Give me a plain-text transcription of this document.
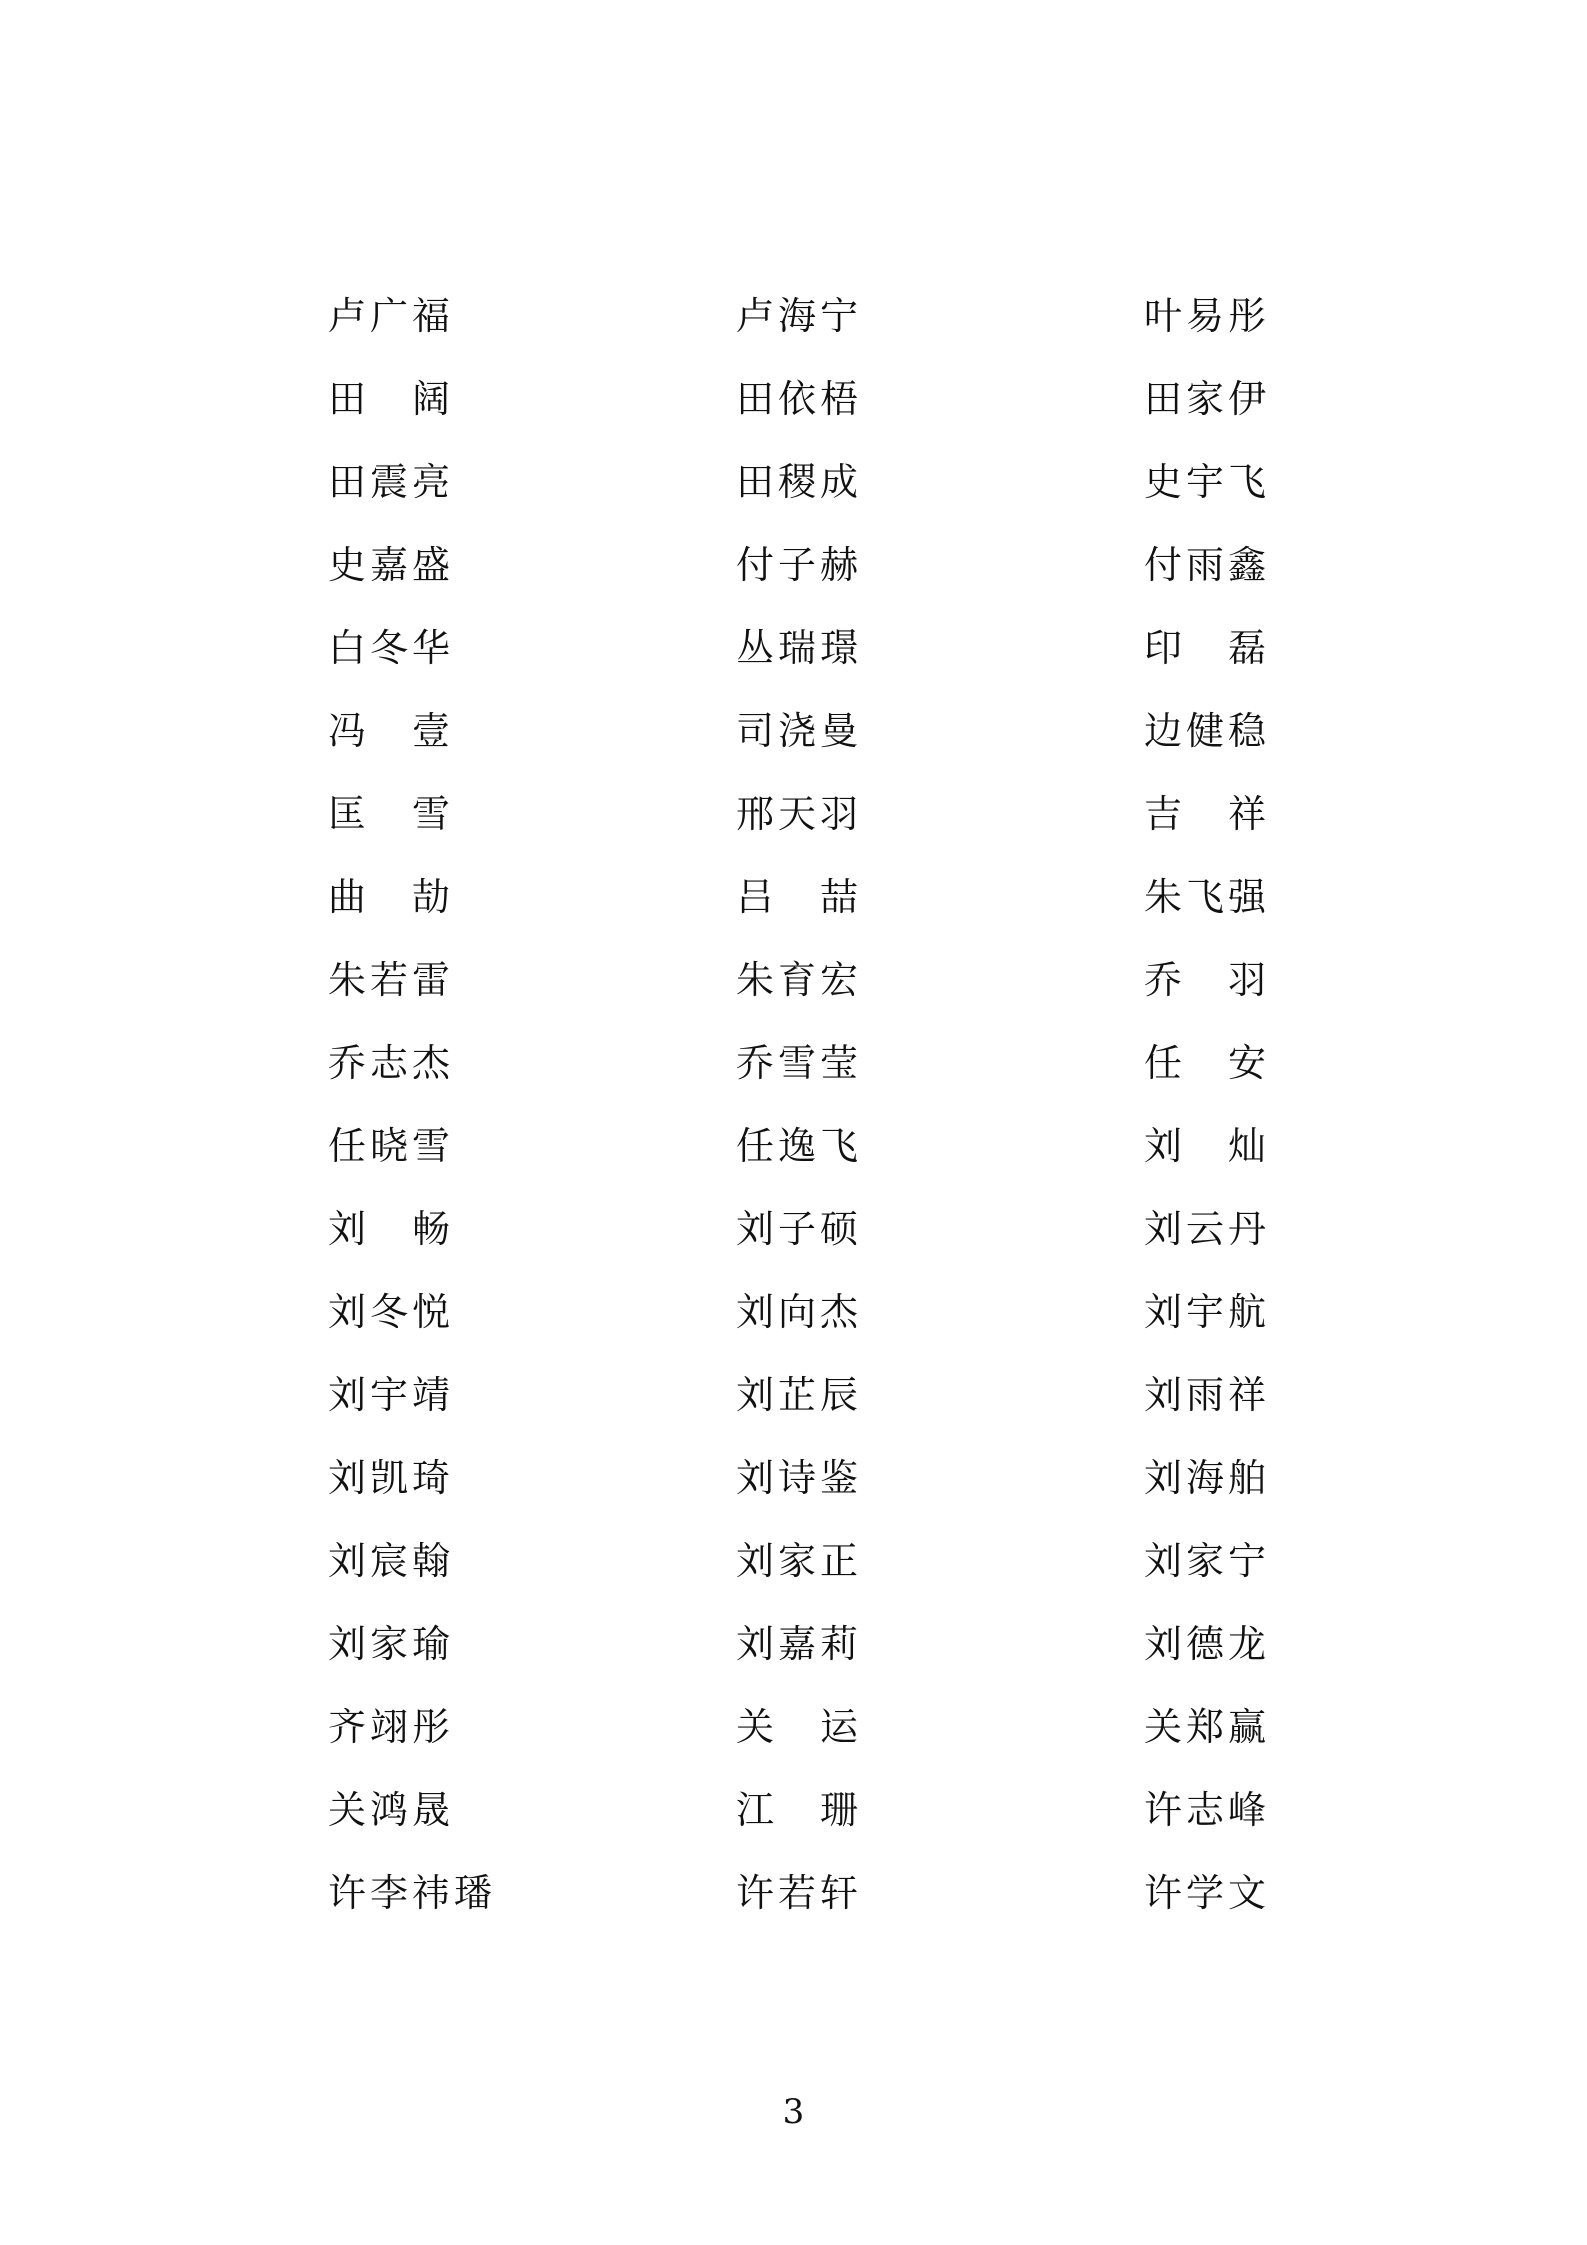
卢广福	卢海宁	叶易彤
田　阔	田依梧	田家伊
田震亮	田稷成	史宇飞
史嘉盛	付子赫	付雨鑫
白冬华	丛瑞璟	印　磊
冯　壹	司浇曼	边健稳
匡　雪	邢天羽	吉　祥
曲　劼	吕　喆	朱飞强
朱若雷	朱育宏	乔　羽
乔志杰	乔雪莹	任　安
任晓雪	任逸飞	刘　灿
刘　畅	刘子硕	刘云丹
刘冬悦	刘向杰	刘宇航
刘宇靖	刘芷辰	刘雨祥
刘凯琦	刘诗鉴	刘海舶
刘宸翰	刘家正	刘家宁
刘家瑜	刘嘉莉	刘德龙
齐翊彤	关　运	关郑赢
关鸿晟	江　珊	许志峰
许李祎璠	许若轩	许学文
3
